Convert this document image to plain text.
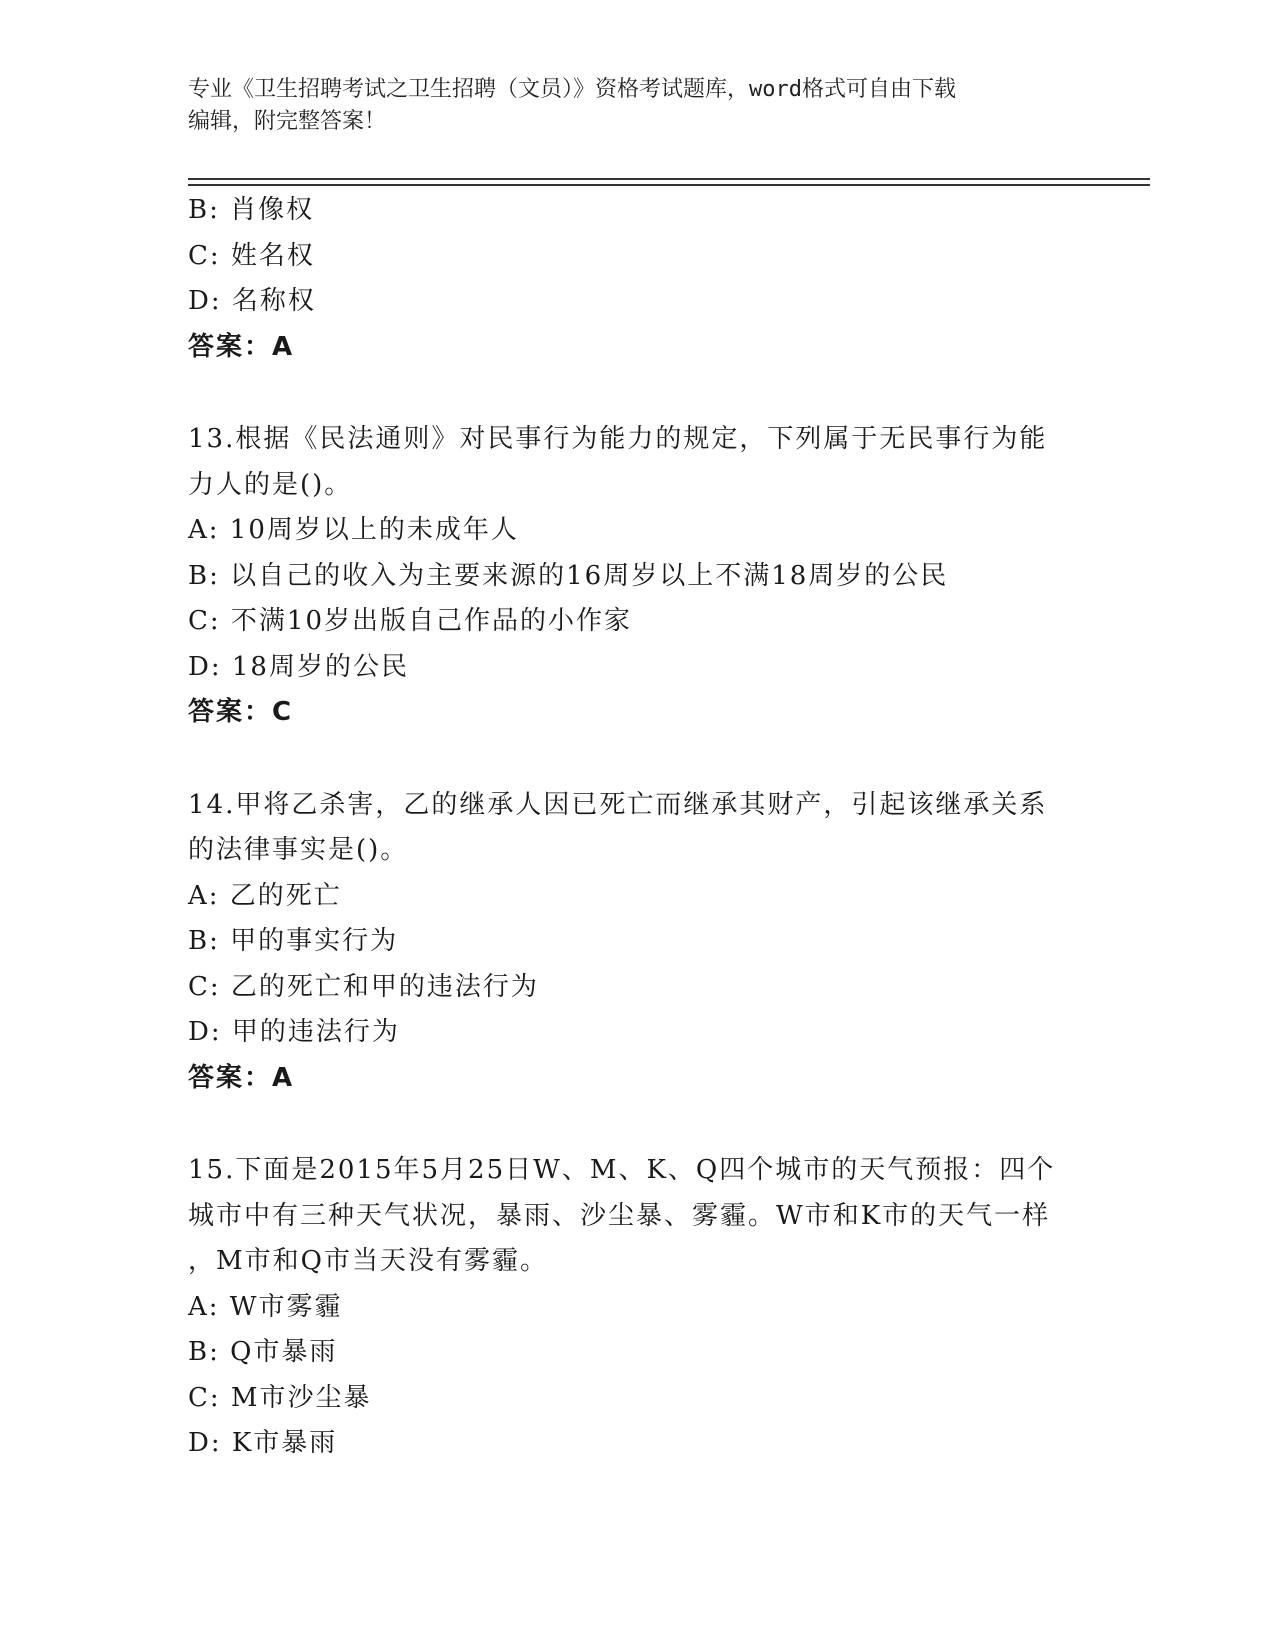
专业《卫生招聘考试之卫生招聘（文员）》资格考试题库，word格式可自由下载

编辑，附完整答案！

B: 肖像权
C: 姓名权
D: 名称权
答案：A
13.根据《民法通则》对民事行为能力的规定，下列属于无民事行为能
力人的是()。
A: 10周岁以上的未成年人
B: 以自己的收入为主要来源的16周岁以上不满18周岁的公民
C: 不满10岁出版自己作品的小作家
D: 18周岁的公民
答案：C
14.甲将乙杀害，乙的继承人因已死亡而继承其财产，引起该继承关系
的法律事实是()。
A: 乙的死亡
B: 甲的事实行为
C: 乙的死亡和甲的违法行为
D: 甲的违法行为
答案：A
15.下面是2015年5月25日W、M、K、Q四个城市的天气预报：四个
城市中有三种天气状况，暴雨、沙尘暴、雾霾。W市和K市的天气一样
，M市和Q市当天没有雾霾。
A: W市雾霾
B: Q市暴雨
C: M市沙尘暴
D: K市暴雨
